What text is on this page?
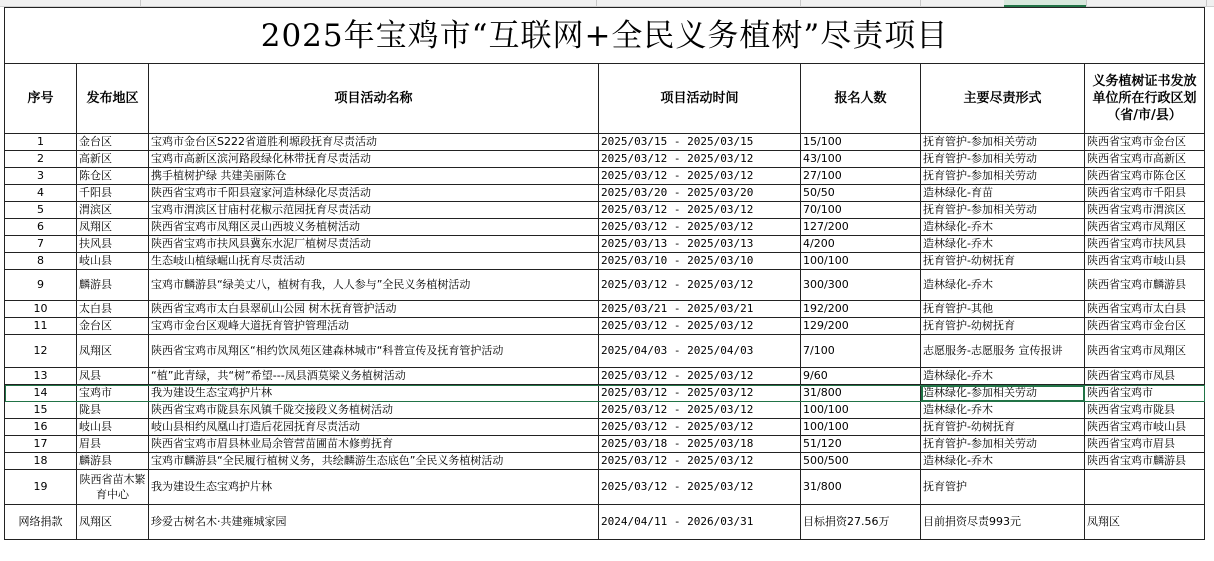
2025年宝鸡市“互联网+全民义务植树”尽责项目						
序号	发布地区	项目活动名称	项目活动时间	报名人数	主要尽责形式	义务植树证书发放单位所在行政区划（省/市/县）
1	金台区	宝鸡市金台区S222省道胜利塬段抚育尽责活动	2025/03/15 - 2025/03/15	15/100	抚育管护-参加相关劳动	陕西省宝鸡市金台区
2	高新区	宝鸡市高新区滨河路段绿化林带抚育尽责活动	2025/03/12 - 2025/03/12	43/100	抚育管护-参加相关劳动	陕西省宝鸡市高新区
3	陈仓区	携手植树护绿 共建美丽陈仓	2025/03/12 - 2025/03/12	27/100	抚育管护-参加相关劳动	陕西省宝鸡市陈仓区
4	千阳县	陕西省宝鸡市千阳县寇家河造林绿化尽责活动	2025/03/20 - 2025/03/20	50/50	造林绿化-育苗	陕西省宝鸡市千阳县
5	渭滨区	宝鸡市渭滨区甘庙村花椒示范园抚育尽责活动	2025/03/12 - 2025/03/12	70/100	抚育管护-参加相关劳动	陕西省宝鸡市渭滨区
6	凤翔区	陕西省宝鸡市凤翔区灵山西坡义务植树活动	2025/03/12 - 2025/03/12	127/200	造林绿化-乔木	陕西省宝鸡市凤翔区
7	扶风县	陕西省宝鸡市扶风县冀东水泥厂植树尽责活动	2025/03/13 - 2025/03/13	4/200	造林绿化-乔木	陕西省宝鸡市扶风县
8	岐山县	生态岐山植绿崛山抚育尽责活动	2025/03/10 - 2025/03/10	100/100	抚育管护-幼树抚育	陕西省宝鸡市岐山县
9	麟游县	宝鸡市麟游县“绿美丈八，植树有我，人人参与”全民义务植树活动	2025/03/12 - 2025/03/12	300/300	造林绿化-乔木	陕西省宝鸡市麟游县
10	太白县	陕西省宝鸡市太白县翠矶山公园 树木抚育管护活动	2025/03/21 - 2025/03/21	192/200	抚育管护-其他	陕西省宝鸡市太白县
11	金台区	宝鸡市金台区观峰大道抚育管护管理活动	2025/03/12 - 2025/03/12	129/200	抚育管护-幼树抚育	陕西省宝鸡市金台区
12	凤翔区	陕西省宝鸡市凤翔区“相约饮凤苑区建森林城市“科普宣传及抚育管护活动	2025/04/03 - 2025/04/03	7/100	志愿服务-志愿服务 宣传报讲	陕西省宝鸡市凤翔区
13	凤县	“植”此青绿，共“树”希望---凤县酒莫梁义务植树活动	2025/03/12 - 2025/03/12	9/60	造林绿化-乔木	陕西省宝鸡市凤县
14	宝鸡市	我为建设生态宝鸡护片林	2025/03/12 - 2025/03/12	31/800	造林绿化-参加相关劳动	陕西省宝鸡市
15	陇县	陕西省宝鸡市陇县东风镇千陇交接段义务植树活动	2025/03/12 - 2025/03/12	100/100	造林绿化-乔木	陕西省宝鸡市陇县
16	岐山县	岐山县相约凤凰山打造后花园抚育尽责活动	2025/03/12 - 2025/03/12	100/100	抚育管护-幼树抚育	陕西省宝鸡市岐山县
17	眉县	陕西省宝鸡市眉县林业局余管营苗圃苗木修剪抚育	2025/03/18 - 2025/03/18	51/120	抚育管护-参加相关劳动	陕西省宝鸡市眉县
18	麟游县	宝鸡市麟游县“全民履行植树义务，共绘麟游生态底色”全民义务植树活动	2025/03/12 - 2025/03/12	500/500	造林绿化-乔木	陕西省宝鸡市麟游县
19	陕西省苗木繁育中心	我为建设生态宝鸡护片林	2025/03/12 - 2025/03/12	31/800	抚育管护	
网络捐款	凤翔区	珍爱古树名木·共建雍城家园	2024/04/11 - 2026/03/31	目标捐资27.56万	目前捐资尽责993元	凤翔区
